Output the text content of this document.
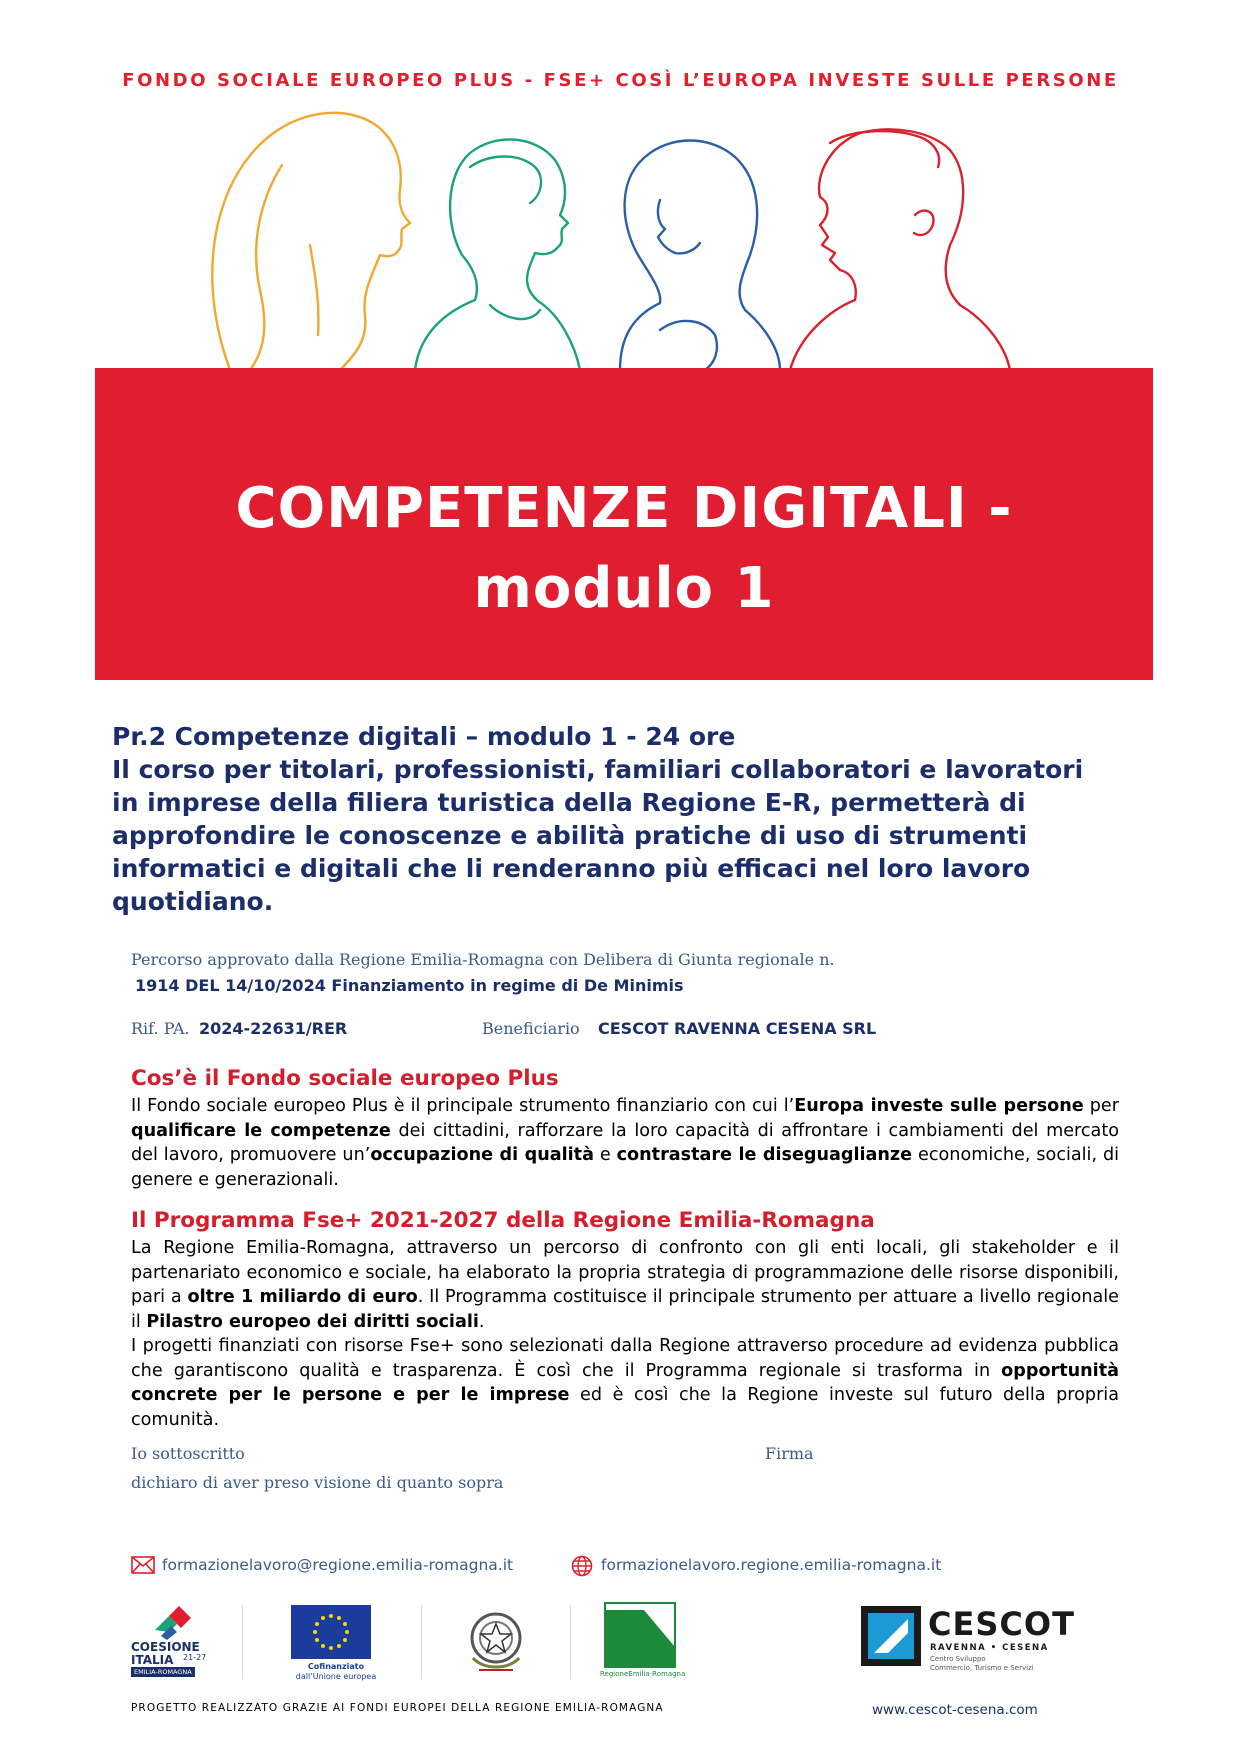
FONDO SOCIALE EUROPEO PLUS - FSE+ COSÌ L’EUROPA INVESTE SULLE PERSONE
COMPETENZE DIGITALI -
modulo 1
Pr.2 Competenze digitali – modulo 1 - 24 ore
Il corso per titolari, professionisti, familiari collaboratori e lavoratori
in imprese della filiera turistica della Regione E-R, permetterà di
approfondire le conoscenze e abilità pratiche di uso di strumenti
informatici e digitali che li renderanno più efficaci nel loro lavoro
quotidiano.
Percorso approvato dalla Regione Emilia-Romagna con Delibera di Giunta regionale n.
1914 DEL 14/10/2024 Finanziamento in regime di De Minimis
Rif. PA. 2024-22631/RER	Beneficiario CESCOT RAVENNA CESENA SRL
Cos’è il Fondo sociale europeo Plus
Il Fondo sociale europeo Plus è il principale strumento finanziario con cui l’Europa investe sulle persone per qualificare le competenze dei cittadini, rafforzare la loro capacità di affrontare i cambiamenti del mercato del lavoro, promuovere un’occupazione di qualità e contrastare le diseguaglianze economiche, sociali, di genere e generazionali.
Il Programma Fse+ 2021-2027 della Regione Emilia-Romagna
La Regione Emilia-Romagna, attraverso un percorso di confronto con gli enti locali, gli stakeholder e il partenariato economico e sociale, ha elaborato la propria strategia di programmazione delle risorse disponibili, pari a oltre 1 miliardo di euro. Il Programma costituisce il principale strumento per attuare a livello regionale il Pilastro europeo dei diritti sociali.
I progetti finanziati con risorse Fse+ sono selezionati dalla Regione attraverso procedure ad evidenza pubblica che garantiscono qualità e trasparenza. È così che il Programma regionale si trasforma in opportunità concrete per le persone e per le imprese ed è così che la Regione investe sul futuro della propria comunità.
Io sottoscritto
dichiaro di aver preso visione di quanto sopra
Firma
formazionelavoro@regione.emilia-romagna.it	formazionelavoro.regione.emilia-romagna.it
COESIONE
ITALIA 21-27
EMILIA-ROMAGNA
Cofinanziato
dall’Unione europea	RegioneEmilia-Romagna
CESCOT
RAVENNA • CESENA
Centro Sviluppo
Commercio, Turismo e Servizi
PROGETTO REALIZZATO GRAZIE AI FONDI EUROPEI DELLA REGIONE EMILIA-ROMAGNA	www.cescot-cesena.com
